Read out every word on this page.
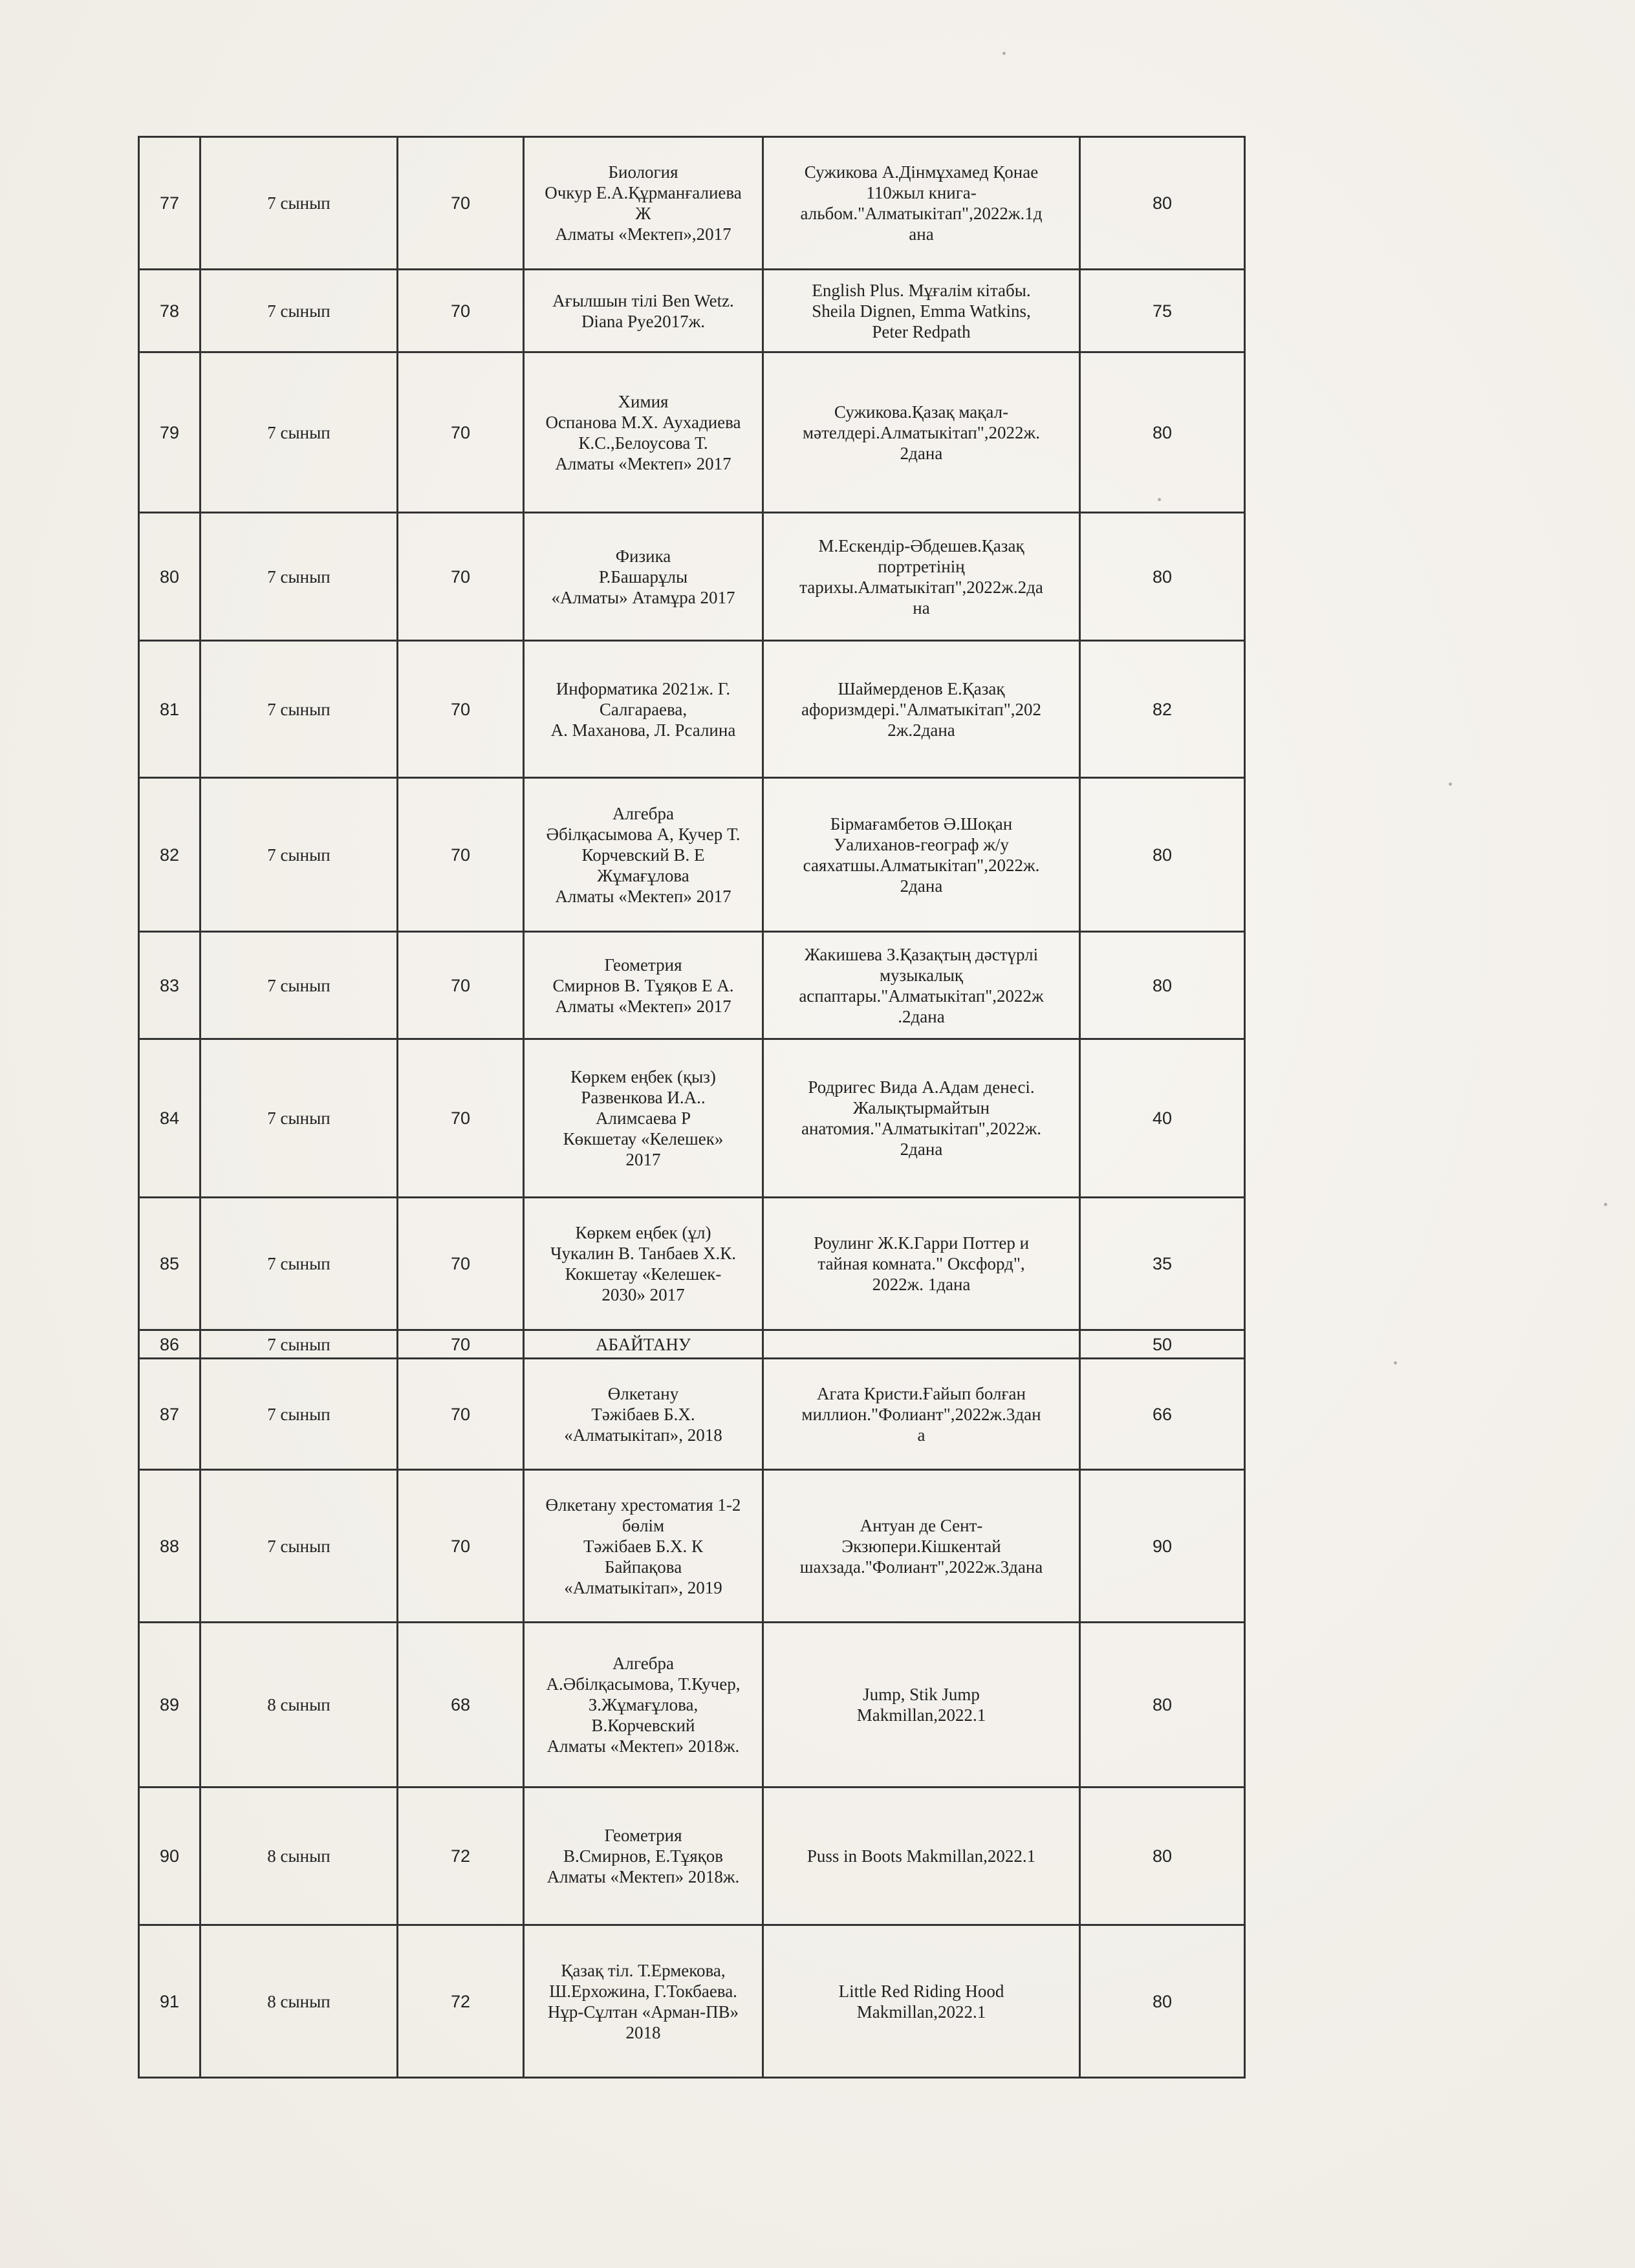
77	7 сынып	70	Биология
Очкур Е.А.Құрманғалиева
Ж
Алматы «Мектеп»,2017	Сужикова А.Дінмұхамед Қонае
110жыл книга-
альбом."Алматыкітап",2022ж.1д
ана	80
78	7 сынып	70	Ағылшын тілі Ben Wetz.
Diana Pye2017ж.	English Plus. Мұғалім кітабы.
Sheila Dignen, Emma Watkins,
Peter Redpath	75
79	7 сынып	70	Химия
Оспанова М.Х. Аухадиева
К.С.,Белоусова Т.
Алматы «Мектеп» 2017	Сужикова.Қазақ мақал-
мәтелдері.Алматыкітап",2022ж.
2дана	80
80	7 сынып	70	Физика
Р.Башарұлы
«Алматы» Атамұра 2017	М.Ескендір-Әбдешев.Қазақ
портретінің
тарихы.Алматыкітап",2022ж.2да
на	80
81	7 сынып	70	Информатика 2021ж. Г.
Салгараева,
А. Маханова, Л. Рсалина	Шаймерденов Е.Қазақ
афоризмдері."Алматыкітап",202
2ж.2дана	82
82	7 сынып	70	Алгебра
Әбілқасымова А, Кучер Т.
Корчевский В. Е
Жұмағұлова
Алматы «Мектеп» 2017	Бірмағамбетов Ә.Шоқан
Уалиханов-географ ж/у
саяхатшы.Алматыкітап",2022ж.
2дана	80
83	7 сынып	70	Геометрия
Смирнов В. Тұяқов Е А.
Алматы «Мектеп» 2017	Жакишева З.Қазақтың дәстүрлі
музыкалық
аспаптары."Алматыкітап",2022ж
.2дана	80
84	7 сынып	70	Көркем еңбек (қыз)
Развенкова И.А..
Алимсаева Р
Көкшетау «Келешек»
2017	Родригес Вида А.Адам денесі.
Жалықтырмайтын
анатомия."Алматыкітап",2022ж.
2дана	40
85	7 сынып	70	Көркем еңбек (ұл)
Чукалин В. Танбаев Х.К.
Кокшетау «Келешек-
2030» 2017	Роулинг Ж.К.Гарри Поттер и
тайная комната." Оксфорд",
2022ж. 1дана	35
86	7 сынып	70	АБАЙТАНУ		50
87	7 сынып	70	Өлкетану
Тәжібаев Б.Х.
«Алматыкітап», 2018	Агата Кристи.Ғайып болған
миллион."Фолиант",2022ж.3дан
а	66
88	7 сынып	70	Өлкетану хрестоматия 1-2
бөлім
Тәжібаев Б.Х. К
Байпақова
«Алматыкітап», 2019	Антуан де Сент-
Экзюпери.Кішкентай
шахзада."Фолиант",2022ж.3дана	90
89	8 сынып	68	Алгебра
А.Әбілқасымова, Т.Кучер,
З.Жұмағұлова,
В.Корчевский
Алматы «Мектеп» 2018ж.	Jump, Stik Jump
Makmillan,2022.1	80
90	8 сынып	72	Геометрия
В.Смирнов, Е.Тұяқов
Алматы «Мектеп» 2018ж.	Puss in Boots Makmillan,2022.1	80
91	8 сынып	72	Қазақ тіл. Т.Ермекова,
Ш.Ерхожина, Г.Токбаева.
Нұр-Сұлтан «Арман-ПВ»
2018	Little Red Riding Hood
Makmillan,2022.1	80
